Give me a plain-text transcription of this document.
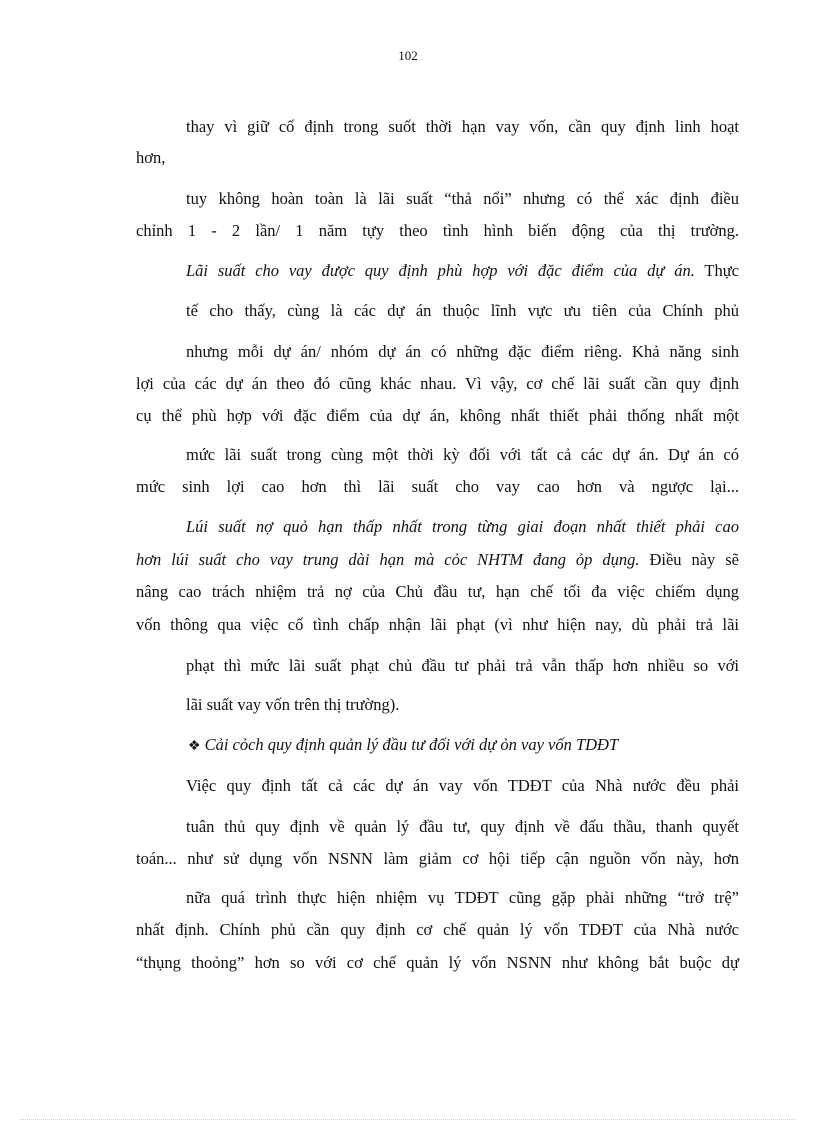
102
thay vì giữ cố định trong suốt thời hạn vay vốn, cần quy định linh hoạt
hơn,
tuy không hoàn toàn là lãi suất “thả nổi” nhưng có thể xác định điều
chỉnh 1 - 2 lần/ 1 năm tựy theo tình hình biến động của thị trường.
Lãi suất cho vay được quy định phù hợp với đặc điểm của dự án. Thực
tế cho thấy, cùng là các dự án thuộc lĩnh vực ưu tiên của Chính phủ
nhưng mỗi dự án/ nhóm dự án có những đặc điểm riêng. Khả năng sinh
lợi của các dự án theo đó cũng khác nhau. Vì vậy, cơ chế lãi suất cần quy định
cụ thể phù hợp với đặc điểm của dự án, không nhất thiết phải thống nhất một
mức lãi suất trong cùng một thời kỳ đối với tất cả các dự án. Dự án có
mức sinh lợi cao hơn thì lãi suất cho vay cao hơn và ngược lại...
Lúi suất nợ quỏ hạn thấp nhất trong từng giai đoạn nhất thiết phải cao
hơn lúi suất cho vay trung dài hạn mà cỏc NHTM đang ỏp dụng. Điều này sẽ
nâng cao trách nhiệm trả nợ của Chủ đầu tư, hạn chế tối đa việc chiếm dụng
vốn thông qua việc cố tình chấp nhận lãi phạt (vì như hiện nay, dù phải trả lãi
phạt thì mức lãi suất phạt chủ đầu tư phải trả vẫn thấp hơn nhiều so với
lãi suất vay vốn trên thị trường).
❖ Cải cỏch quy định quản lý đầu tư đối với dự ỏn vay vốn TDĐT
Việc quy định tất cả các dự án vay vốn TDĐT của Nhà nước đều phải
tuân thủ quy định về quản lý đầu tư, quy định về đấu thầu, thanh quyết
toán... như sử dụng vốn NSNN làm giảm cơ hội tiếp cận nguồn vốn này, hơn
nữa quá trình thực hiện nhiệm vụ TDĐT cũng gặp phải những “trở trệ”
nhất định. Chính phủ cần quy định cơ chế quản lý vốn TDĐT của Nhà nước
“thụng thoỏng” hơn so với cơ chế quản lý vốn NSNN như không bắt buộc dự
